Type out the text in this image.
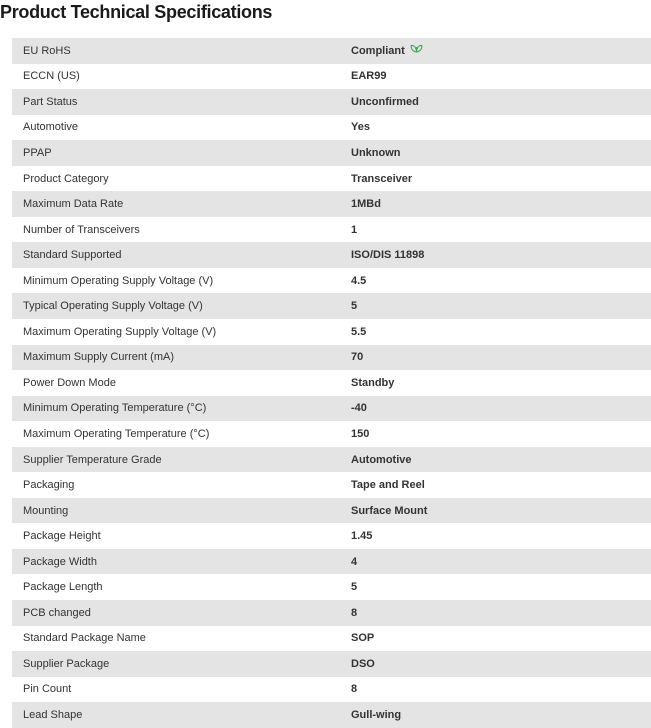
Product Technical Specifications
EU RoHS	Compliant
ECCN (US)	EAR99
Part Status	Unconfirmed
Automotive	Yes
PPAP	Unknown
Product Category	Transceiver
Maximum Data Rate	1MBd
Number of Transceivers	1
Standard Supported	ISO/DIS 11898
Minimum Operating Supply Voltage (V)	4.5
Typical Operating Supply Voltage (V)	5
Maximum Operating Supply Voltage (V)	5.5
Maximum Supply Current (mA)	70
Power Down Mode	Standby
Minimum Operating Temperature (°C)	-40
Maximum Operating Temperature (°C)	150
Supplier Temperature Grade	Automotive
Packaging	Tape and Reel
Mounting	Surface Mount
Package Height	1.45
Package Width	4
Package Length	5
PCB changed	8
Standard Package Name	SOP
Supplier Package	DSO
Pin Count	8
Lead Shape	Gull-wing
